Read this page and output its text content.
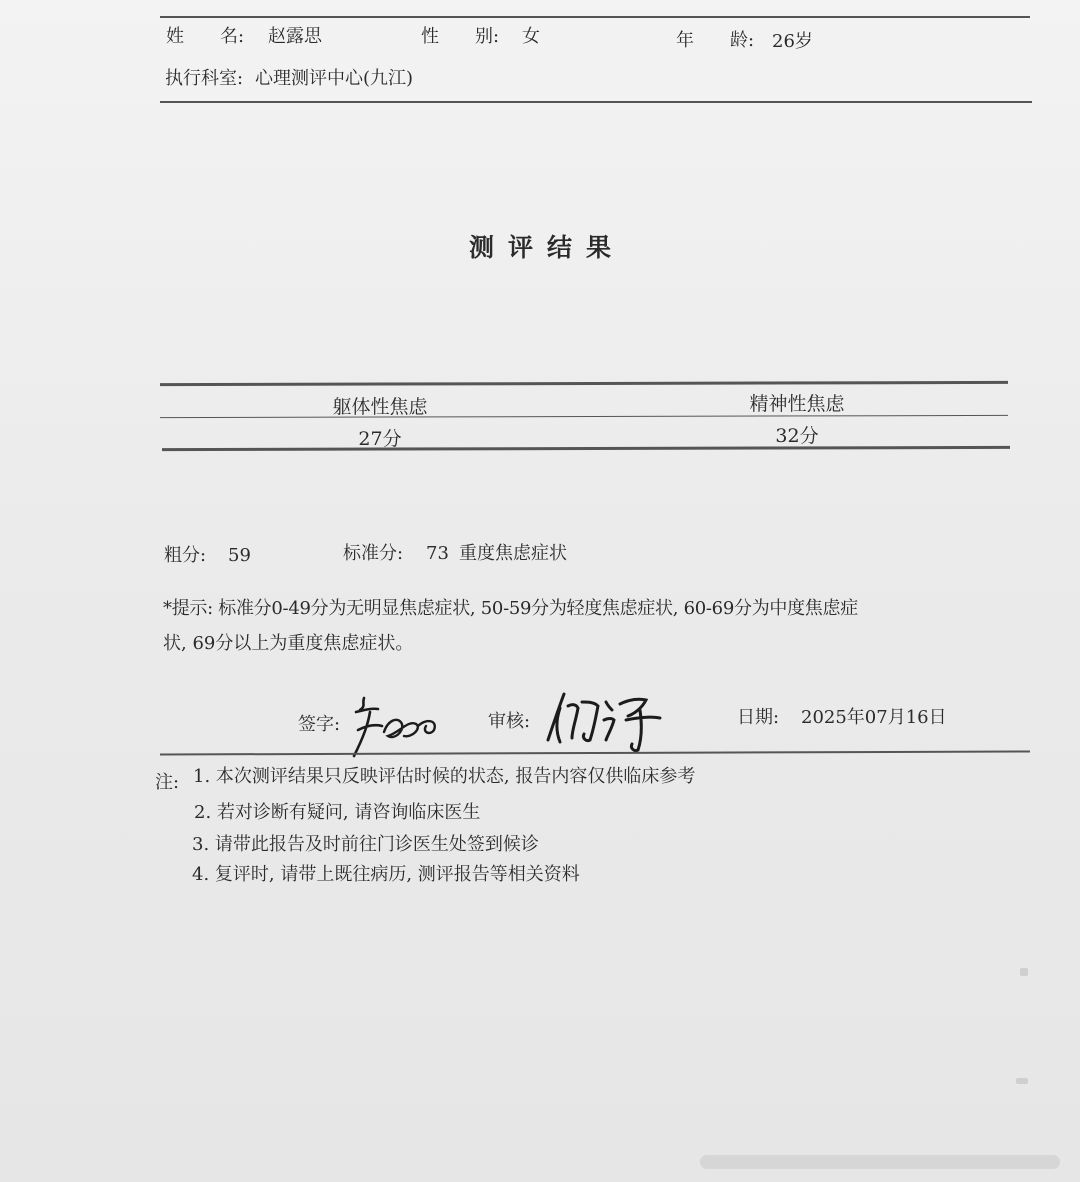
姓　　名: 赵露思	性　　别: 女	年　　龄: 26岁
执行科室: 心理测评中心(九江)
测评结果
躯体性焦虑	精神性焦虑
27分	32分
粗分: 59	标准分: 73 重度焦虑症状
*提示: 标准分0-49分为无明显焦虑症状, 50-59分为轻度焦虑症状, 60-69分为中度焦虑症
状, 69分以上为重度焦虑症状。
签字:	审核:	日期: 2025年07月16日
注: 1. 本次测评结果只反映评估时候的状态, 报告内容仅供临床参考
2. 若对诊断有疑问, 请咨询临床医生
3. 请带此报告及时前往门诊医生处签到候诊
4. 复评时, 请带上既往病历, 测评报告等相关资料
